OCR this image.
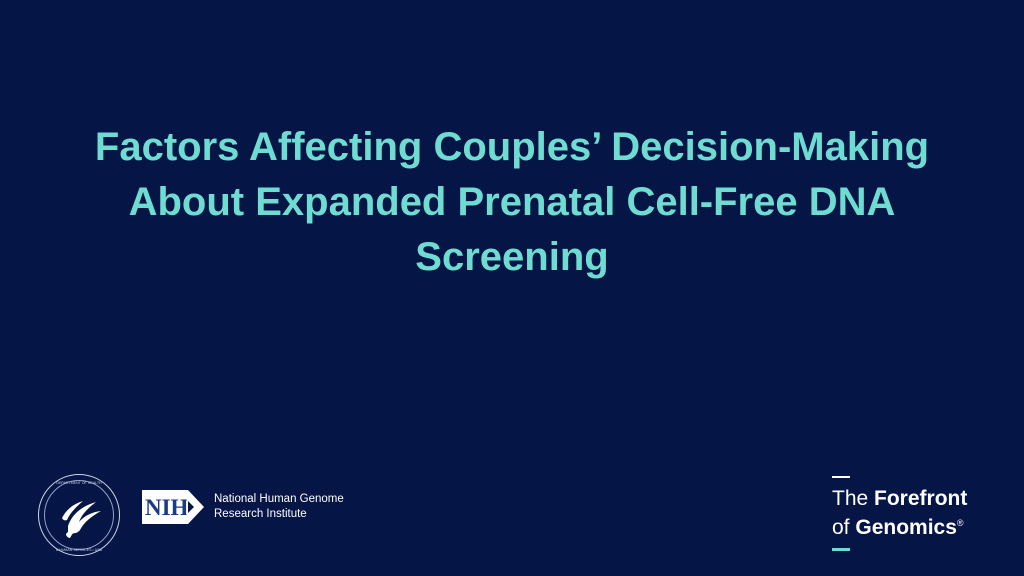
Factors Affecting Couples’ Decision-Making About Expanded Prenatal Cell-Free DNA Screening
DEPARTMENT OF HEALTH
& HUMAN SERVICES • USA
NIH National Human Genome
Research Institute
The Forefront
of Genomics®
